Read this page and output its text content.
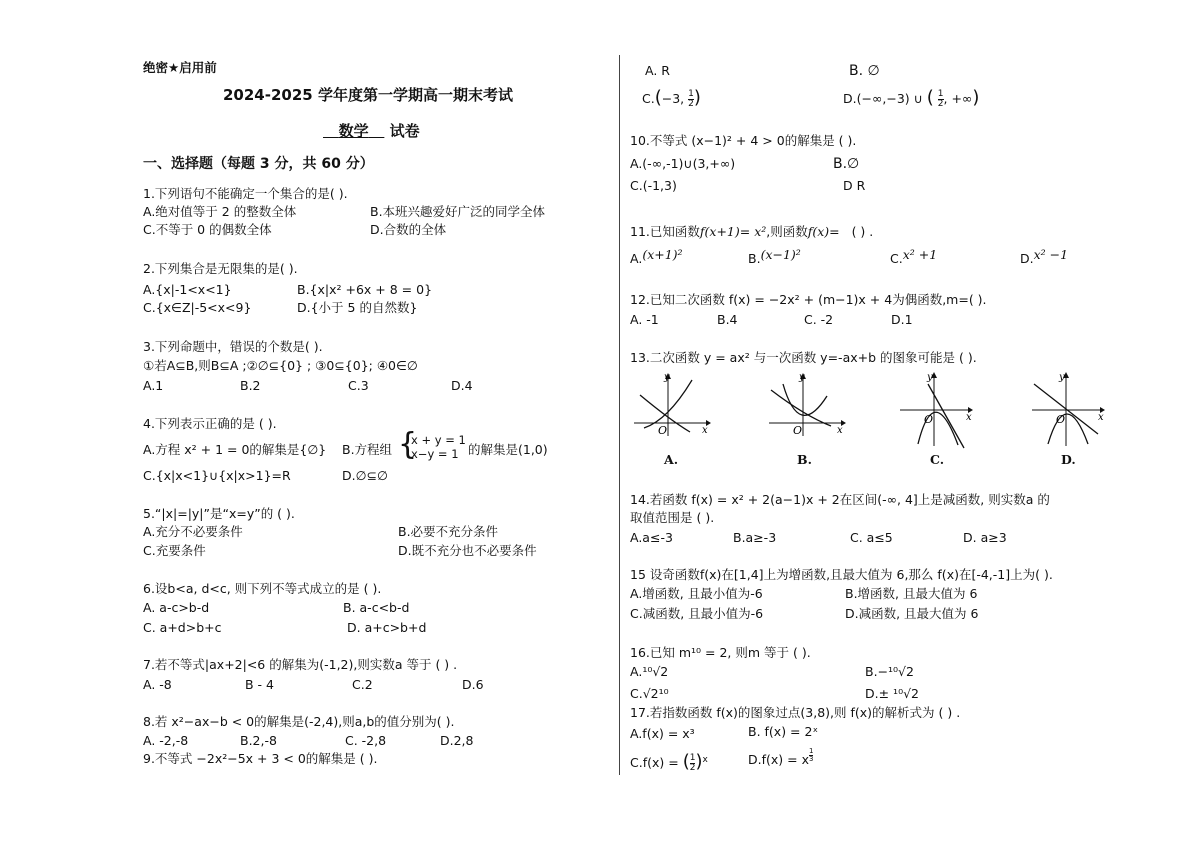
绝密★启用前
2024-2025 学年度第一学期高一期末考试
数学 试卷
一、选择题（每题 3 分，共 60 分）
1.下列语句不能确定一个集合的是( ).
A.绝对值等于 2 的整数全体	B.本班兴趣爱好广泛的同学全体
C.不等于 0 的偶数全体	D.合数的全体
2.下列集合是无限集的是( ).
A.{x|-1<x<1}	B.{x|x² +6x + 8 = 0}
C.{x∈Z|-5<x<9}	D.{小于 5 的自然数}
3.下列命题中，错误的个数是( ).
①若A⊆B,则B⊆A ;②∅⊆{0} ; ③0⊆{0}; ④0∈∅
A.1	B.2	C.3	D.4
4.下列表示正确的是 ( ).
A.方程 x² + 1 = 0的解集是{∅} B.方程组 {
x + y = 1
x−y = 1 的解集是(1,0)
C.{x|x<1}∪{x|x>1}=R	D.∅⊆∅
5.“|x|=|y|”是“x=y”的 ( ).
A.充分不必要条件	B.必要不充分条件
C.充要条件	D.既不充分也不必要条件
6.设b<a, d<c, 则下列不等式成立的是 ( ).
A. a-c>b-d	B. a-c<b-d
C. a+d>b+c	D. a+c>b+d
7.若不等式|ax+2|<6 的解集为(-1,2),则实数a 等于 ( ) .
A. -8	B - 4	C.2	D.6
8.若 x²−ax−b < 0的解集是(-2,4),则a,b的值分别为( ).
A. -2,-8	B.2,-8	C. -2,8	D.2,8
9.不等式 −2x²−5x + 3 < 0的解集是 ( ).
A. R	B. ∅
C.(−3, $\frac{1}{2}$ )	D.(−∞,−3) ∪ ( $\frac{1}{2}$ , +∞)
10.不等式 (x−1)² + 4 > 0的解集是 ( ).
A.(-∞,-1)∪(3,+∞)	B.∅
C.(-1,3)	D R
11.已知函数f(x+1)= x²,则函数f(x)= ( ) .
A.(x+1)²	B.(x−1)²	C.x² +1	D.x² −1
12.已知二次函数 f(x) = −2x² + (m−1)x + 4为偶函数,m=( ).
A. -1	B.4	C. -2	D.1
13.二次函数 y = ax² 与一次函数 y=-ax+b 的图象可能是 ( ).
y
x
O
A.
y
x
O
B.
y
x
O
C.
y
x
O
D.
14.若函数 f(x) = x² + 2(a−1)x + 2在区间(-∞, 4]上是减函数, 则实数a 的
取值范围是 ( ).
A.a≤-3	B.a≥-3	C. a≤5	D. a≥3
15 设奇函数f(x)在[1,4]上为增函数,且最大值为 6,那么 f(x)在[-4,-1]上为( ).
A.增函数, 且最小值为-6	B.增函数, 且最大值为 6
C.减函数, 且最小值为-6	D.减函数, 且最大值为 6
16.已知 m¹⁰ = 2, 则m 等于 ( ).
A.¹⁰√2	B.−¹⁰√2
C.√2¹⁰	D.± ¹⁰√2
17.若指数函数 f(x)的图象过点(3,8),则 f(x)的解析式为 ( ) .
A.f(x) = x³	B. f(x) = 2ˣ
C.f(x) = ( $\frac{1}{2} )^x$	D.f(x) = x $\frac{1}{3}$
